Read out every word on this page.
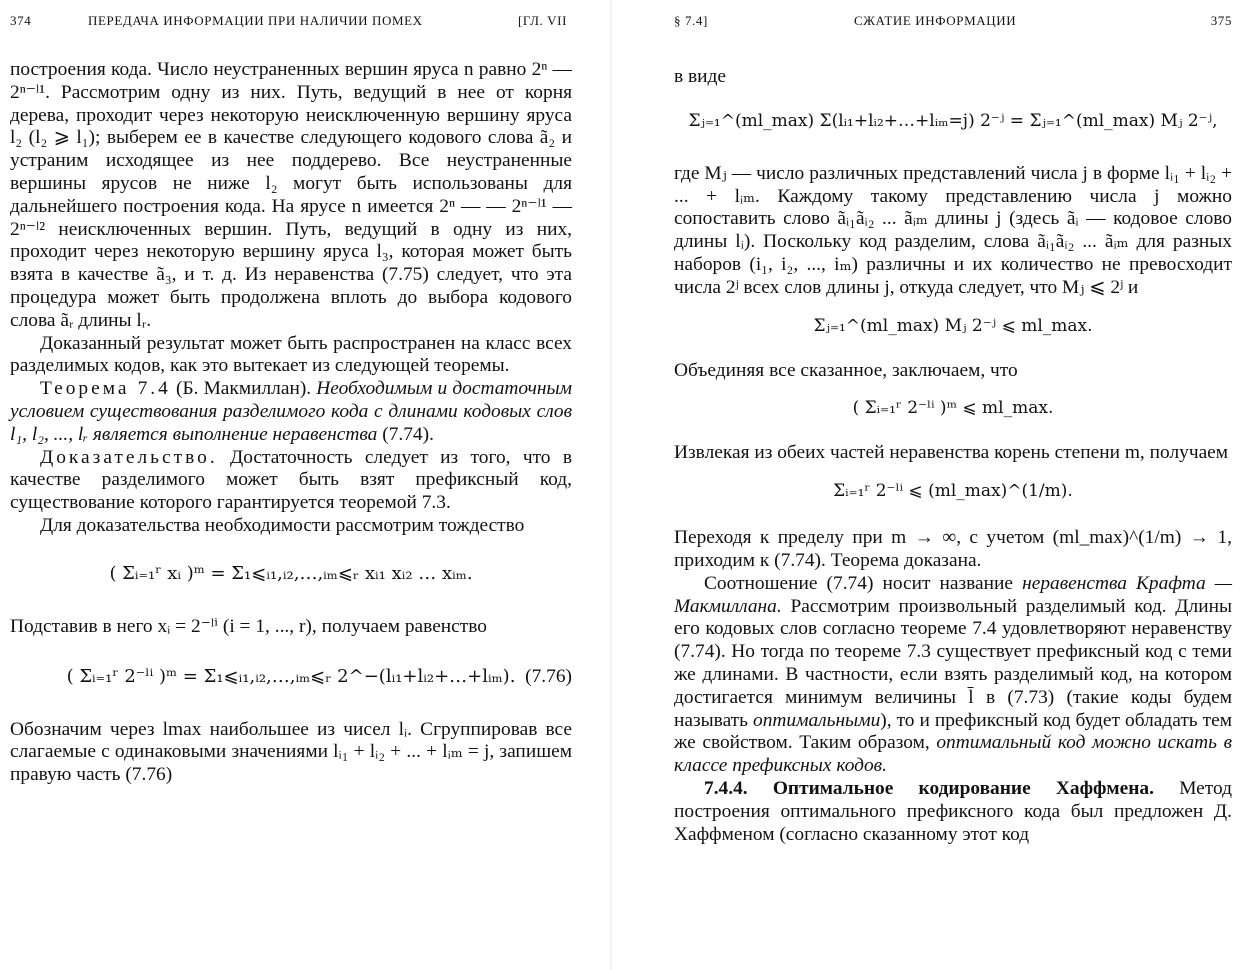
374	ПЕРЕДАЧА ИНФОРМАЦИИ ПРИ НАЛИЧИИ ПОМЕХ	[ГЛ. VII

построения кода. Число неустраненных вершин яруса n равно 2ⁿ — 2ⁿ⁻ˡ¹. Рассмотрим одну из них. Путь, ведущий в нее от корня дерева, проходит через некоторую неисключенную вершину яруса l₂ (l₂ ⩾ l₁); выберем ее в качестве следующего кодового слова ã₂ и устраним исходящее из нее поддерево. Все неустраненные вершины ярусов не ниже l₂ могут быть использованы для дальнейшего построения кода. На ярусе n имеется 2ⁿ — — 2ⁿ⁻ˡ¹ — 2ⁿ⁻ˡ² неисключенных вершин. Путь, ведущий в одну из них, проходит через некоторую вершину яруса l₃, которая может быть взята в качестве ã₃, и т. д. Из неравенства (7.75) следует, что эта процедура может быть продолжена вплоть до выбора кодового слова ãᵣ длины lᵣ.

Доказанный результат может быть распространен на класс всех разделимых кодов, как это вытекает из следующей теоремы.

Теорема 7.4 (Б. Макмиллан). Необходимым и достаточным условием существования разделимого кода с длинами кодовых слов l₁, l₂, ..., lᵣ является выполнение неравенства (7.74).

Доказательство. Достаточность следует из того, что в качестве разделимого может быть взят префиксный код, существование которого гарантируется теоремой 7.3.

Для доказательства необходимости рассмотрим тождество

( Σᵢ₌₁ʳ xᵢ )ᵐ = Σ₁⩽ᵢ₁,ᵢ₂,…,ᵢₘ⩽ᵣ xᵢ₁ xᵢ₂ … xᵢₘ.

Подставив в него xᵢ = 2⁻ˡⁱ (i = 1, ..., r), получаем равенство

( Σᵢ₌₁ʳ 2⁻ˡⁱ )ᵐ = Σ₁⩽ᵢ₁,ᵢ₂,…,ᵢₘ⩽ᵣ 2^−(lᵢ₁+lᵢ₂+…+lᵢₘ). (7.76)

Обозначим через lmax наибольшее из чисел lᵢ. Сгруппировав все слагаемые с одинаковыми значениями lᵢ₁ + lᵢ₂ + ... + lᵢₘ = j, запишем правую часть (7.76)

§ 7.4]	СЖАТИЕ ИНФОРМАЦИИ	375

в виде

Σⱼ₌₁^(ml_max) Σ(lᵢ₁+lᵢ₂+…+lᵢₘ=j) 2⁻ʲ = Σⱼ₌₁^(ml_max) Mⱼ 2⁻ʲ,

где Mⱼ — число различных представлений числа j в форме lᵢ₁ + lᵢ₂ + ... + lᵢₘ. Каждому такому представлению числа j можно сопоставить слово ãᵢ₁ãᵢ₂ ... ãᵢₘ длины j (здесь ãᵢ — кодовое слово длины lᵢ). Поскольку код разделим, слова ãᵢ₁ãᵢ₂ ... ãᵢₘ для разных наборов (i₁, i₂, ..., iₘ) различны и их количество не превосходит числа 2ʲ всех слов длины j, откуда следует, что Mⱼ ⩽ 2ʲ и

Σⱼ₌₁^(ml_max) Mⱼ 2⁻ʲ ⩽ ml_max.

Объединяя все сказанное, заключаем, что

( Σᵢ₌₁ʳ 2⁻ˡⁱ )ᵐ ⩽ ml_max.

Извлекая из обеих частей неравенства корень степени m, получаем

Σᵢ₌₁ʳ 2⁻ˡⁱ ⩽ (ml_max)^(1/m).

Переходя к пределу при m → ∞, с учетом (ml_max)^(1/m) → 1, приходим к (7.74). Теорема доказана.

Соотношение (7.74) носит название неравенства Крафта — Макмиллана. Рассмотрим произвольный разделимый код. Длины его кодовых слов согласно теореме 7.4 удовлетворяют неравенству (7.74). Но тогда по теореме 7.3 существует префиксный код с теми же длинами. В частности, если взять разделимый код, на котором достигается минимум величины l̄ в (7.73) (такие коды будем называть оптимальными), то и префиксный код будет обладать тем же свойством. Таким образом, оптимальный код можно искать в классе префиксных кодов.

7.4.4. Оптимальное кодирование Хаффмена. Метод построения оптимального префиксного кода был предложен Д. Хаффменом (согласно сказанному этот код
